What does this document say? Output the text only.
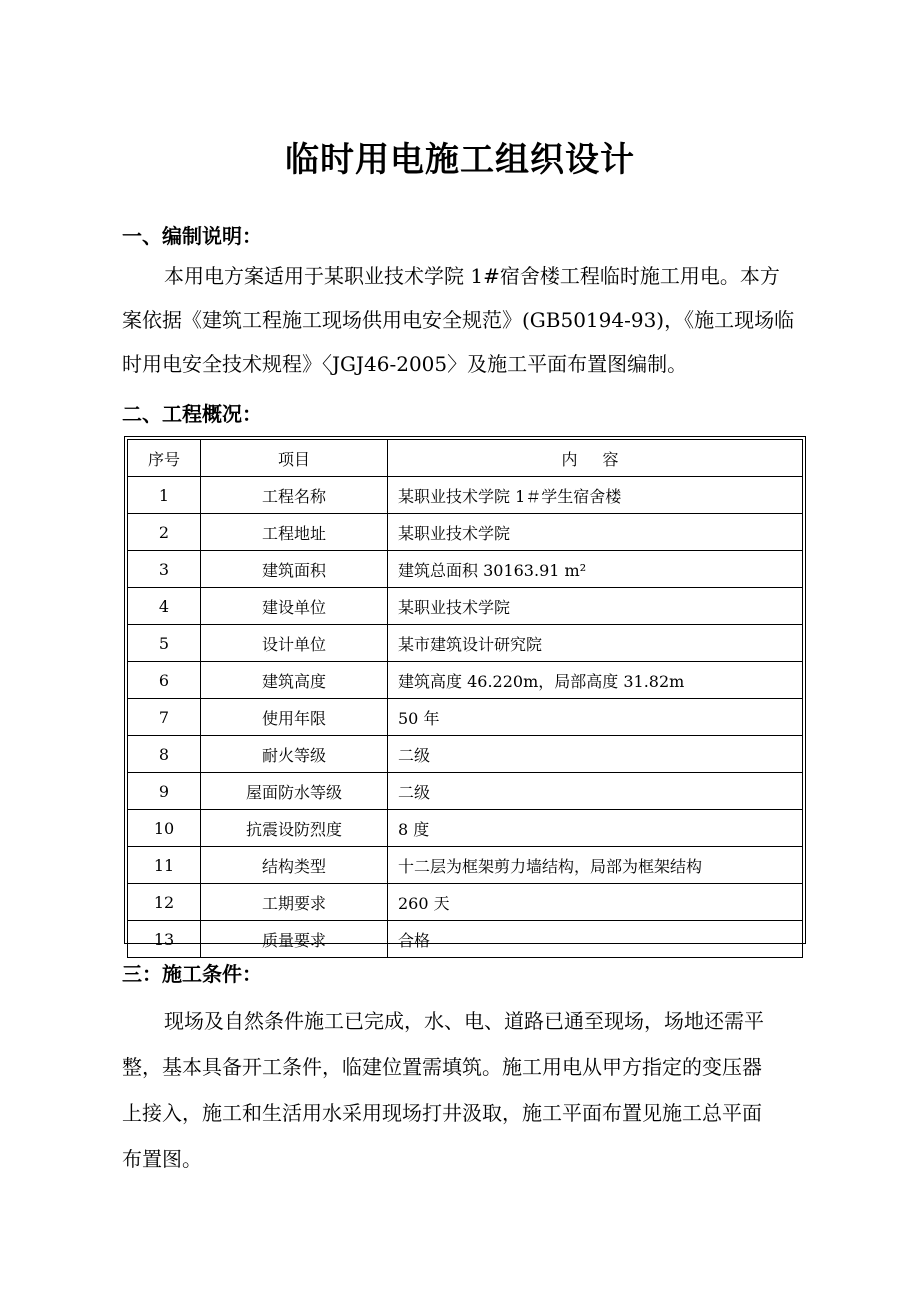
临时用电施工组织设计
一、编制说明：
本用电方案适用于某职业技术学院 1#宿舍楼工程临时施工用电。本方
案依据《建筑工程施工现场供用电安全规范》(GB50194-93)，《施工现场临
时用电安全技术规程》〈JGJ46-2005〉及施工平面布置图编制。
二、工程概况：
序号	项目	内 容
1	工程名称	某职业技术学院 1＃学生宿舍楼
2	工程地址	某职业技术学院
3	建筑面积	建筑总面积 30163.91 m²
4	建设单位	某职业技术学院
5	设计单位	某市建筑设计研究院
6	建筑高度	建筑高度 46.220m，局部高度 31.82m
7	使用年限	50 年
8	耐火等级	二级
9	屋面防水等级	二级
10	抗震设防烈度	8 度
11	结构类型	十二层为框架剪力墙结构，局部为框架结构
12	工期要求	260 天
13	质量要求	合格
三：施工条件：
现场及自然条件施工已完成，水、电、道路已通至现场，场地还需平
整，基本具备开工条件，临建位置需填筑。施工用电从甲方指定的变压器
上接入，施工和生活用水采用现场打井汲取，施工平面布置见施工总平面
布置图。
